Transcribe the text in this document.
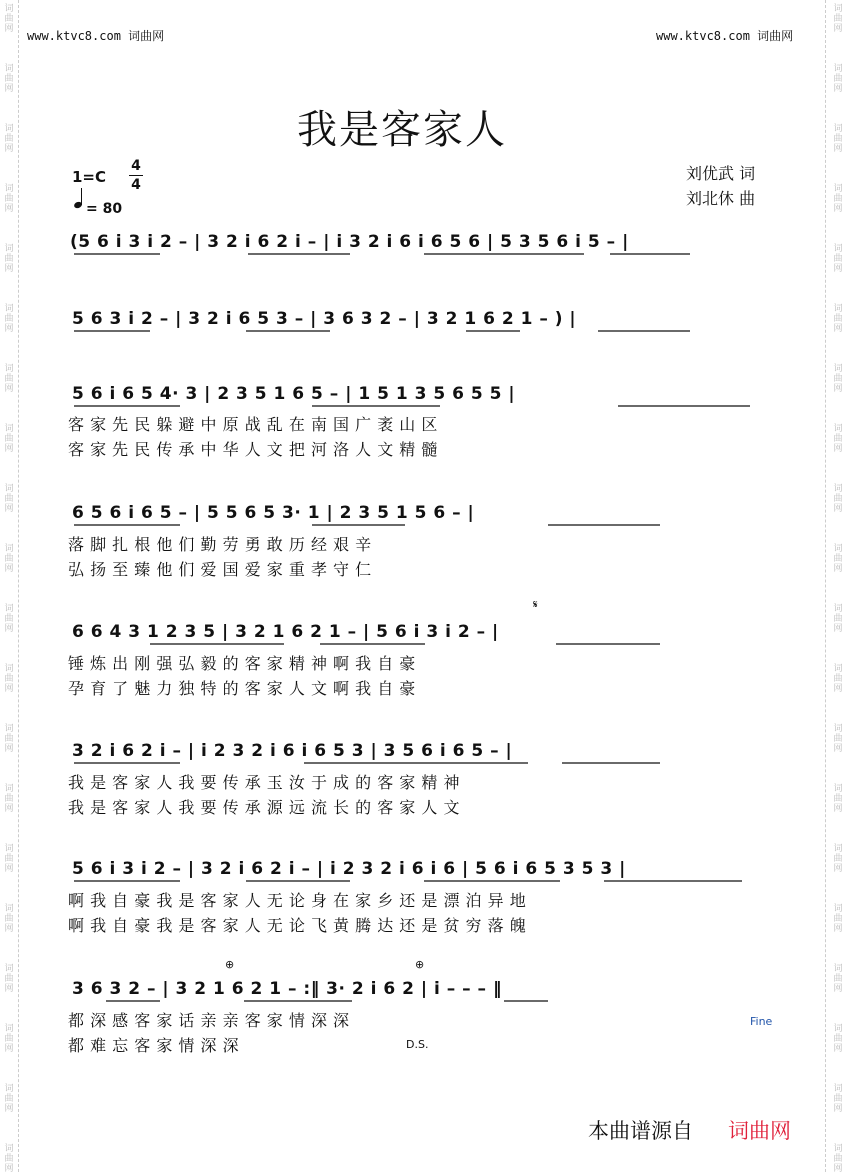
词曲网
词曲网
词曲网
词曲网
词曲网
词曲网
词曲网
词曲网
词曲网
词曲网
词曲网
词曲网
词曲网
词曲网
词曲网
词曲网
词曲网
词曲网
词曲网
词曲网
词曲网
词曲网
词曲网
词曲网
词曲网
词曲网
词曲网
词曲网
词曲网
词曲网
词曲网
词曲网
词曲网
词曲网
词曲网
词曲网
词曲网
词曲网
词曲网
词曲网
www.ktvc8.com 词曲网	www.ktvc8.com 词曲网
我是客家人
1=C
4
4
= 80
刘优武 词
刘北休 曲
(5 6 i 3 i 2 – | 3 2 i 6 2 i – | i 3 2 i 6 i 6 5 6 | 5 3 5 6 i 5 – |
5 6 3 i 2 – | 3 2 i 6 5 3 – | 3 6 3 2 – | 3 2 1 6 2 1 – ) |
5 6 i 6 5 4· 3 | 2 3 5 1 6 5 – | 1 5 1 3 5 6 5 5 |
客 家 先 民 躲 避 中 原 战 乱 在 南 国 广 袤 山 区
客 家 先 民 传 承 中 华 人 文 把 河 洛 人 文 精 髓
6 5 6 i 6 5 – | 5 5 6 5 3· 1 | 2 3 5 1 5 6 – |
落 脚 扎 根 他 们 勤 劳 勇 敢 历 经 艰 辛
弘 扬 至 臻 他 们 爱 国 爱 家 重 孝 守 仁
𝄋
6 6 4 3 1 2 3 5 | 3 2 1 6 2 1 – | 5 6 i 3 i 2 – |
锤 炼 出 刚 强 弘 毅 的 客 家 精 神 啊 我 自 豪
孕 育 了 魅 力 独 特 的 客 家 人 文 啊 我 自 豪
3 2 i 6 2 i – | i 2 3 2 i 6 i 6 5 3 | 3 5 6 i 6 5 – |
我 是 客 家 人 我 要 传 承 玉 汝 于 成 的 客 家 精 神
我 是 客 家 人 我 要 传 承 源 远 流 长 的 客 家 人 文
5 6 i 3 i 2 – | 3 2 i 6 2 i – | i 2 3 2 i 6 i 6 | 5 6 i 6 5 3 5 3 |
啊 我 自 豪 我 是 客 家 人 无 论 身 在 家 乡 还 是 漂 泊 异 地
啊 我 自 豪 我 是 客 家 人 无 论 飞 黄 腾 达 还 是 贫 穷 落 魄
⊕	⊕
3 6 3 2 – | 3 2 1 6 2 1 – :‖ 3· 2 i 6 2 | i – – – ‖
都 深 感 客 家 话 亲 亲 客 家 情 深 深
都 难 忘 客 家 情 深 深	D.S.
Fine
本曲谱源自 词曲网
